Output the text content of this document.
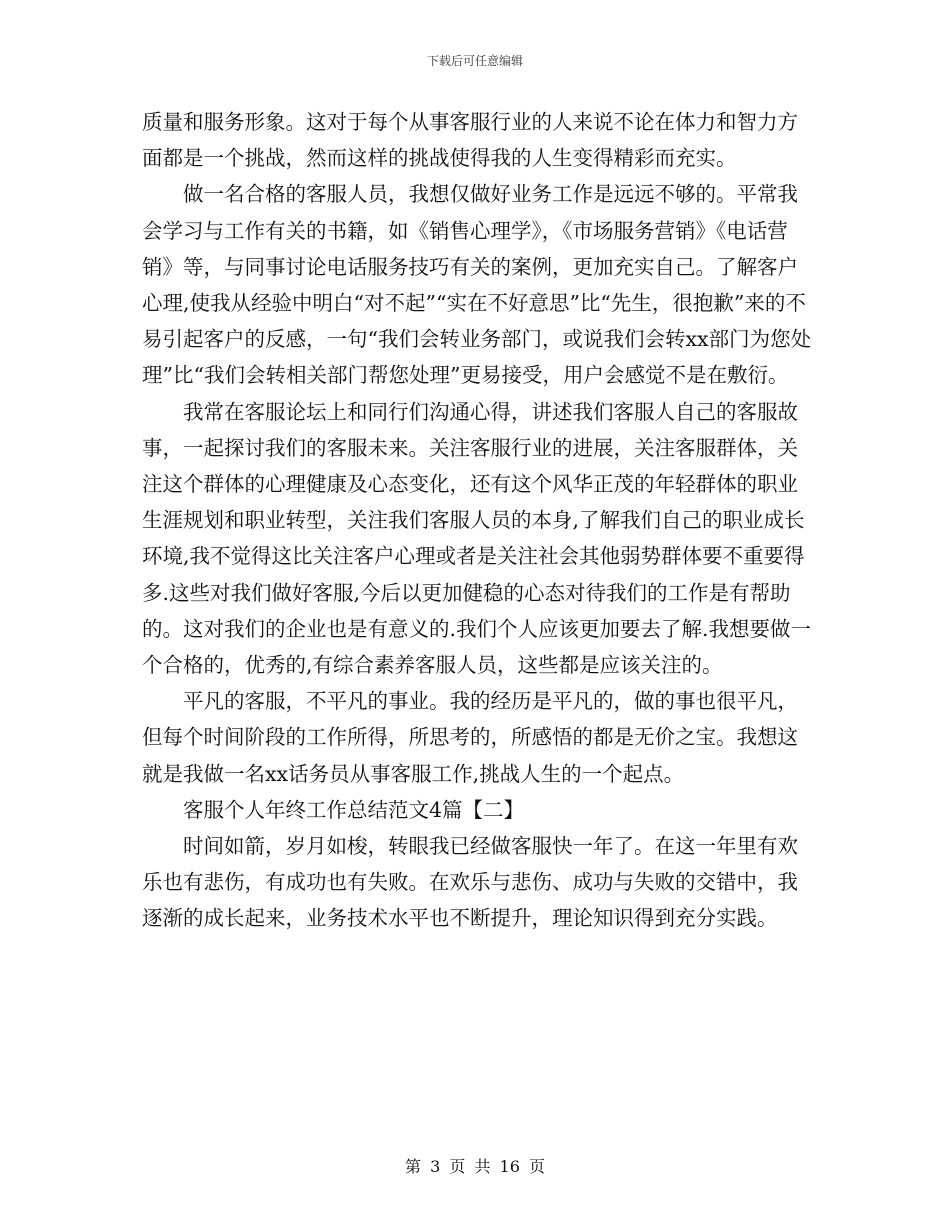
下载后可任意编辑

质量和服务形象。这对于每个从事客服行业的人来说不论在体力和智力方面都是一个挑战，然而这样的挑战使得我的人生变得精彩而充实。

做一名合格的客服人员，我想仅做好业务工作是远远不够的。平常我会学习与工作有关的书籍，如《销售心理学》，《市场服务营销》《电话营销》等，与同事讨论电话服务技巧有关的案例，更加充实自己。了解客户心理,使我从经验中明白“对不起”“实在不好意思”比“先生，很抱歉”来的不易引起客户的反感，一句“我们会转业务部门，或说我们会转xx部门为您处理”比“我们会转相关部门帮您处理”更易接受，用户会感觉不是在敷衍。

我常在客服论坛上和同行们沟通心得，讲述我们客服人自己的客服故事，一起探讨我们的客服未来。关注客服行业的进展，关注客服群体，关注这个群体的心理健康及心态变化，还有这个风华正茂的年轻群体的职业生涯规划和职业转型，关注我们客服人员的本身,了解我们自己的职业成长环境,我不觉得这比关注客户心理或者是关注社会其他弱势群体要不重要得多.这些对我们做好客服,今后以更加健稳的心态对待我们的工作是有帮助的。这对我们的企业也是有意义的.我们个人应该更加要去了解.我想要做一个合格的，优秀的,有综合素养客服人员，这些都是应该关注的。

平凡的客服，不平凡的事业。我的经历是平凡的，做的事也很平凡，但每个时间阶段的工作所得，所思考的，所感悟的都是无价之宝。我想这就是我做一名xx话务员从事客服工作,挑战人生的一个起点。

客服个人年终工作总结范文4篇【二】

时间如箭，岁月如梭，转眼我已经做客服快一年了。在这一年里有欢乐也有悲伤，有成功也有失败。在欢乐与悲伤、成功与失败的交错中，我逐渐的成长起来，业务技术水平也不断提升，理论知识得到充分实践。

第 3 页 共 16 页
